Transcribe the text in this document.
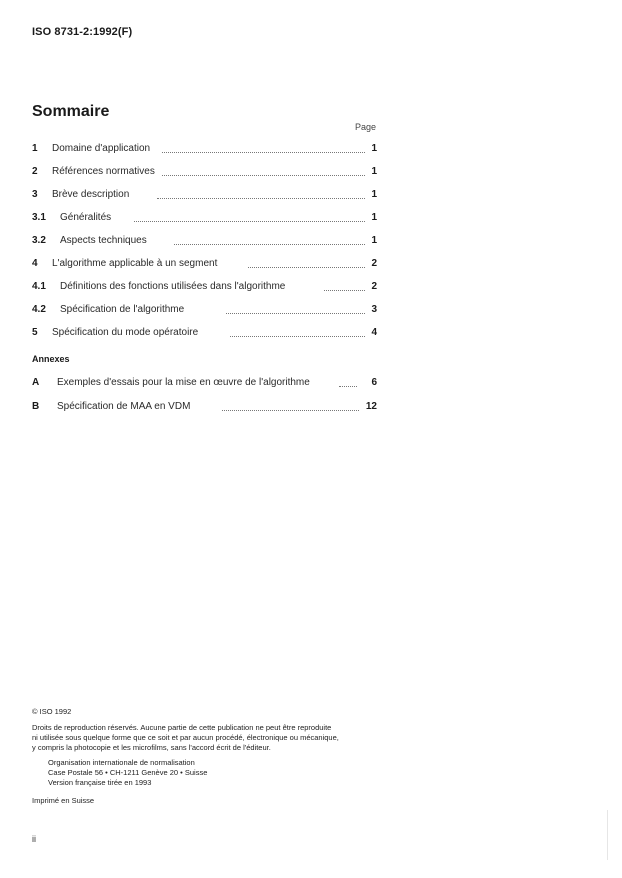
ISO 8731-2:1992(F)
Sommaire
Page
1 Domaine d'application	1
2 Références normatives	1
3 Brève description	1
3.1 Généralités	1
3.2 Aspects techniques	1
4 L'algorithme applicable à un segment	2
4.1 Définitions des fonctions utilisées dans l'algorithme	2
4.2 Spécification de l'algorithme	3
5 Spécification du mode opératoire	4
Annexes
A Exemples d'essais pour la mise en œuvre de l'algorithme	6
B Spécification de MAA en VDM	12
© ISO 1992
Droits de reproduction réservés. Aucune partie de cette publication ne peut être reproduite
ni utilisée sous quelque forme que ce soit et par aucun procédé, électronique ou mécanique,
y compris la photocopie et les microfilms, sans l'accord écrit de l'éditeur.
Organisation internationale de normalisation
Case Postale 56 • CH-1211 Genève 20 • Suisse
Version française tirée en 1993
Imprimé en Suisse
ii
